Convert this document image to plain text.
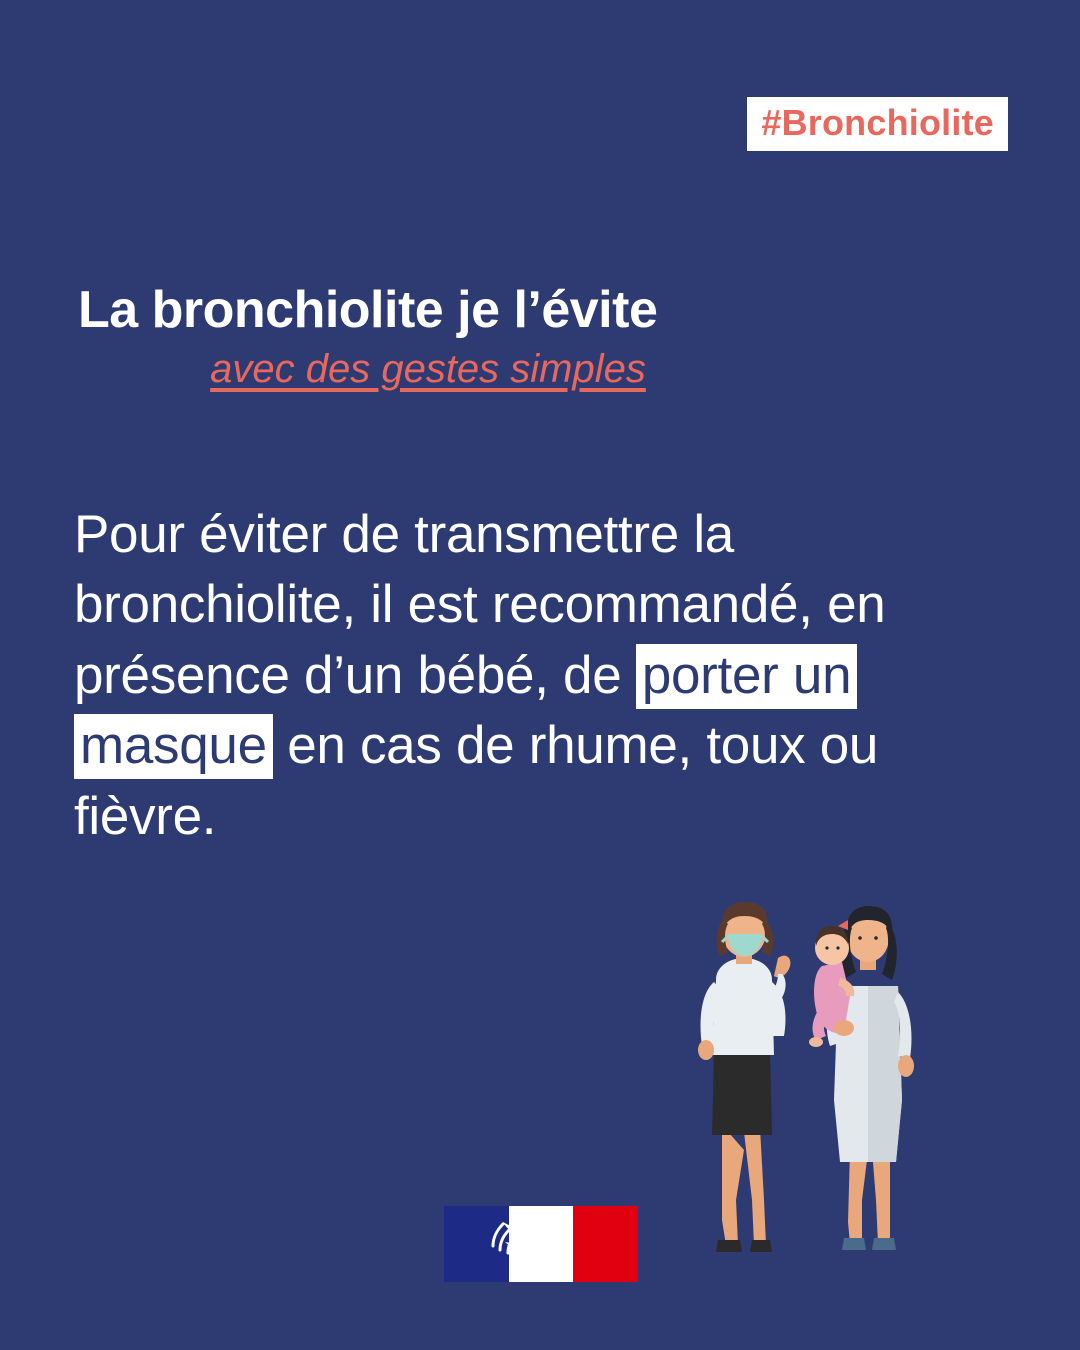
#Bronchiolite
La bronchiolite je l’évite
avec des gestes simples
Pour éviter de transmettre la bronchiolite, il est recommandé, en présence d’un bébé, de porter un masque en cas de rhume, toux ou fièvre.
